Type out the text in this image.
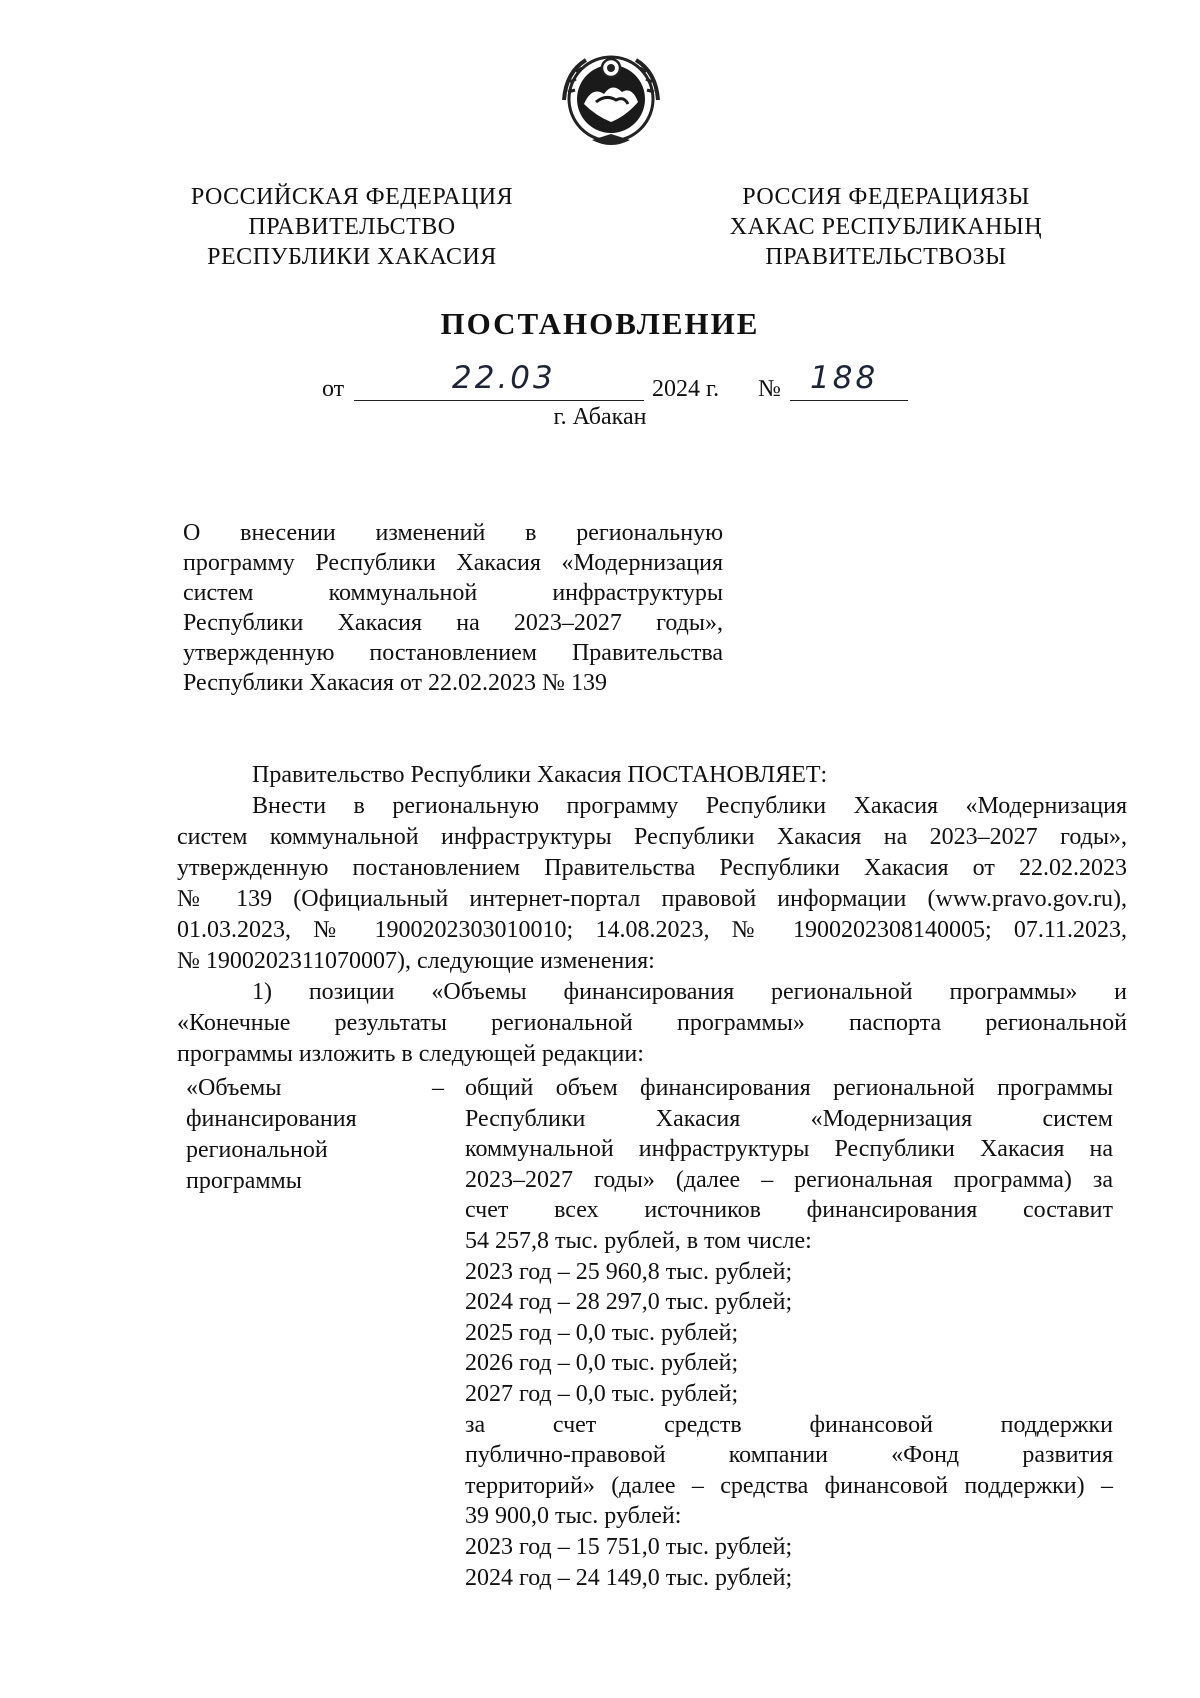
РОССИЙСКАЯ ФЕДЕРАЦИЯ
ПРАВИТЕЛЬСТВО
РЕСПУБЛИКИ ХАКАСИЯ
РОССИЯ ФЕДЕРАЦИЯЗЫ
ХАКАС РЕСПУБЛИКАНЫҢ
ПРАВИТЕЛЬСТВОЗЫ
ПОСТАНОВЛЕНИЕ
от	22.03	2024 г. № 188
г. Абакан
О внесении изменений в региональную
программу Республики Хакасия «Модернизация
систем коммунальной инфраструктуры
Республики Хакасия на 2023–2027 годы»,
утвержденную постановлением Правительства
Республики Хакасия от 22.02.2023 № 139
Правительство Республики Хакасия ПОСТАНОВЛЯЕТ:
Внести в региональную программу Республики Хакасия «Модернизация
систем коммунальной инфраструктуры Республики Хакасия на 2023–2027 годы»,
утвержденную постановлением Правительства Республики Хакасия от 22.02.2023
№ 139 (Официальный интернет-портал правовой информации (www.pravo.gov.ru),
01.03.2023, № 1900202303010010; 14.08.2023, № 1900202308140005; 07.11.2023,
№ 1900202311070007), следующие изменения:
1) позиции «Объемы финансирования региональной программы» и
«Конечные результаты региональной программы» паспорта региональной
программы изложить в следующей редакции:
«Объемы
финансирования
региональной
программы
– общий объем финансирования региональной программы
Республики Хакасия «Модернизация систем
коммунальной инфраструктуры Республики Хакасия на
2023–2027 годы» (далее – региональная программа) за
счет всех источников финансирования составит
54 257,8 тыс. рублей, в том числе:
2023 год – 25 960,8 тыс. рублей;
2024 год – 28 297,0 тыс. рублей;
2025 год – 0,0 тыс. рублей;
2026 год – 0,0 тыс. рублей;
2027 год – 0,0 тыс. рублей;
за счет средств финансовой поддержки
публично-правовой компании «Фонд развития
территорий» (далее – средства финансовой поддержки) –
39 900,0 тыс. рублей:
2023 год – 15 751,0 тыс. рублей;
2024 год – 24 149,0 тыс. рублей;
